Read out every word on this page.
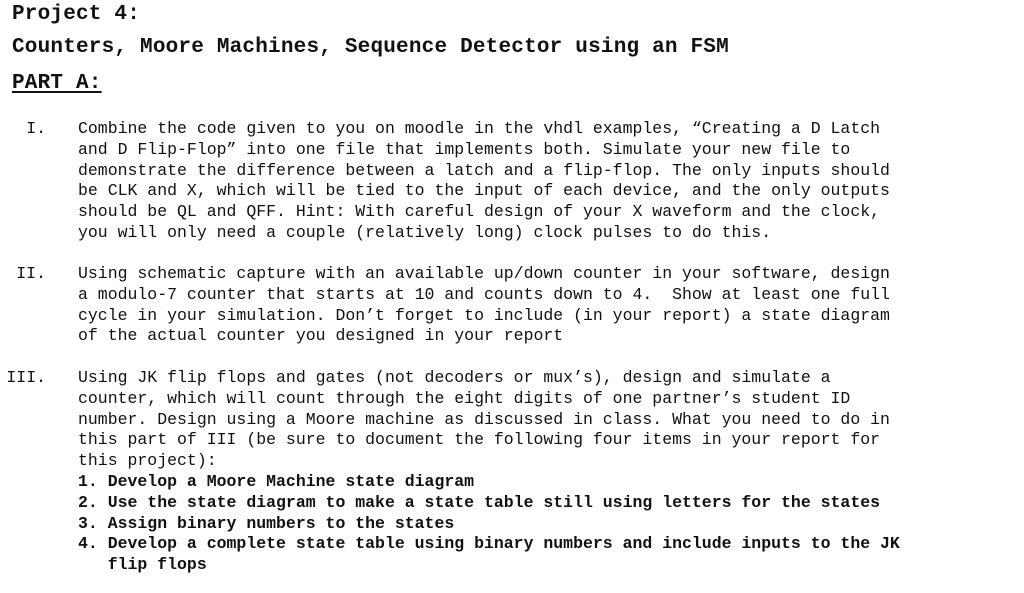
Project 4:
Counters, Moore Machines, Sequence Detector using an FSM
PART A:
I. Combine the code given to you on moodle in the vhdl examples, “Creating a D Latch
and D Flip-Flop” into one file that implements both. Simulate your new file to
demonstrate the difference between a latch and a flip-flop. The only inputs should
be CLK and X, which will be tied to the input of each device, and the only outputs
should be QL and QFF. Hint: With careful design of your X waveform and the clock,
you will only need a couple (relatively long) clock pulses to do this.
II. Using schematic capture with an available up/down counter in your software, design
a modulo-7 counter that starts at 10 and counts down to 4.  Show at least one full
cycle in your simulation. Don’t forget to include (in your report) a state diagram
of the actual counter you designed in your report
III. Using JK flip flops and gates (not decoders or mux’s), design and simulate a
counter, which will count through the eight digits of one partner’s student ID
number. Design using a Moore machine as discussed in class. What you need to do in
this part of III (be sure to document the following four items in your report for
this project):
1. Develop a Moore Machine state diagram
2. Use the state diagram to make a state table still using letters for the states
3. Assign binary numbers to the states
4. Develop a complete state table using binary numbers and include inputs to the JK
flip flops
